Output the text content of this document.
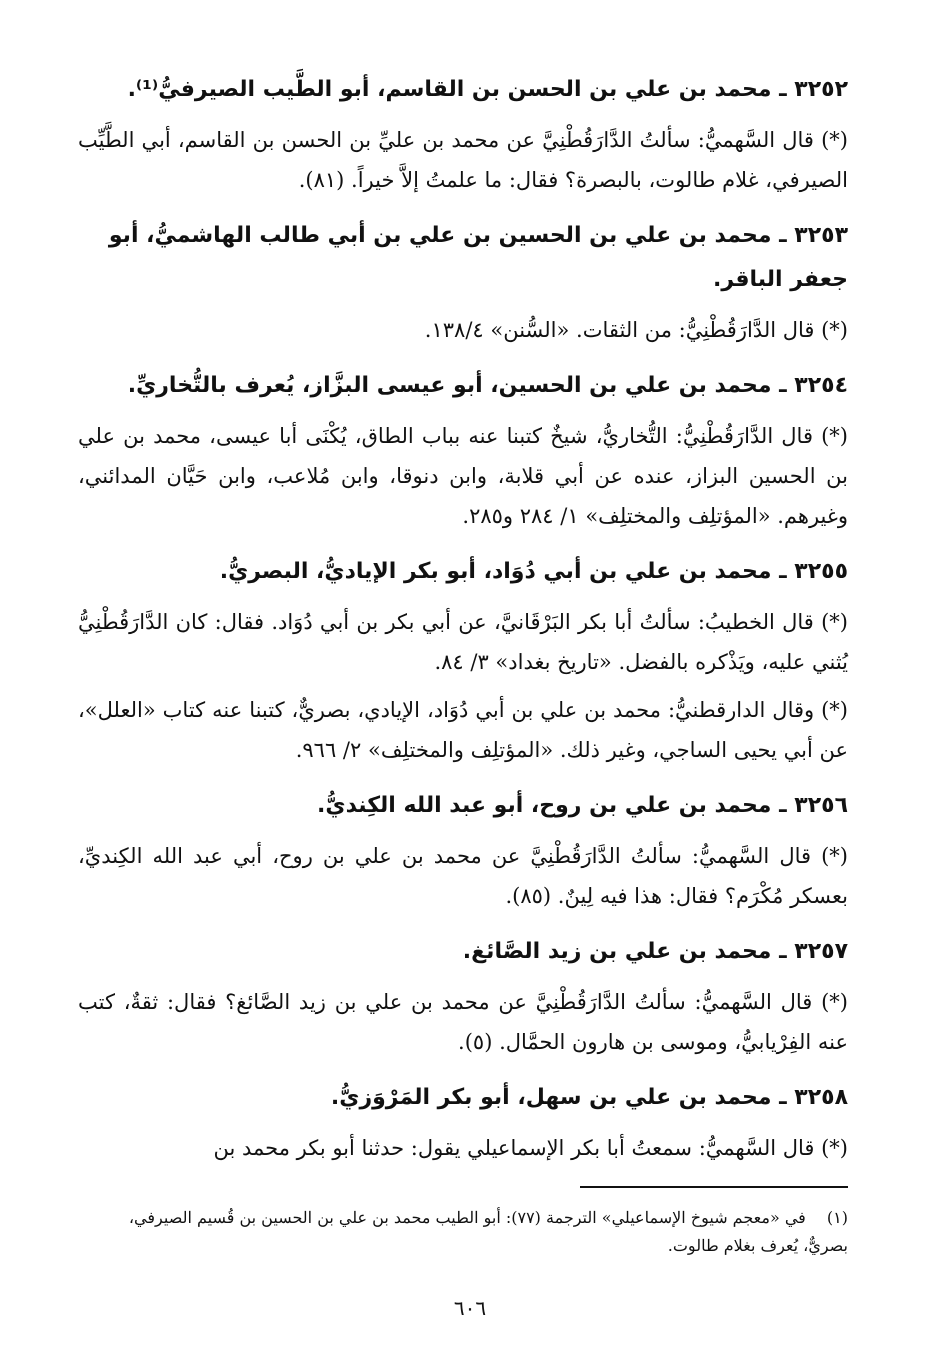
٣٢٥٢ ـ محمد بن علي بن الحسن بن القاسم، أبو الطَّيب الصيرفيُّ⁽¹⁾.

(*) قال السَّهميُّ: سألتُ الدَّارَقُطْنِيَّ عن محمد بن عليِّ بن الحسن بن القاسم، أبي الطَّيِّب الصيرفي، غلام طالوت، بالبصرة؟ فقال: ما علمتُ إلاَّ خيراً. (٨١).

٣٢٥٣ ـ محمد بن علي بن الحسين بن علي بن أبي طالب الهاشميُّ، أبو جعفر الباقر.

(*) قال الدَّارَقُطْنِيُّ: من الثقات. «السُّنن» ١٣٨/٤.

٣٢٥٤ ـ محمد بن علي بن الحسين، أبو عيسى البزَّاز، يُعرف بالتُّخاريِّ.

(*) قال الدَّارَقُطْنِيُّ: التُّخاريُّ، شيخٌ كتبنا عنه بباب الطاق، يُكْنَى أبا عيسى، محمد بن علي بن الحسين البزاز، عنده عن أبي قلابة، وابن دنوقا، وابن مُلاعب، وابن حَيَّان المدائني، وغيرهم. «المؤتلِف والمختلِف» ١/ ٢٨٤ و٢٨٥.

٣٢٥٥ ـ محمد بن علي بن أبي دُوَاد، أبو بكر الإياديُّ، البصريُّ.

(*) قال الخطيبُ: سألتُ أبا بكر البَرْقَانيَّ، عن أبي بكر بن أبي دُوَاد. فقال: كان الدَّارَقُطْنِيُّ يُثني عليه، ويَذْكره بالفضل. «تاريخ بغداد» ٣/ ٨٤.

(*) وقال الدارقطنيُّ: محمد بن علي بن أبي دُوَاد، الإيادي، بصريٌّ، كتبنا عنه كتاب «العلل»، عن أبي يحيى الساجي، وغير ذلك. «المؤتلِف والمختلِف» ٢/ ٩٦٦.

٣٢٥٦ ـ محمد بن علي بن روح، أبو عبد الله الكِنديُّ.

(*) قال السَّهميُّ: سألتُ الدَّارَقُطْنِيَّ عن محمد بن علي بن روح، أبي عبد الله الكِنديِّ، بعسكر مُكْرَم؟ فقال: هذا فيه لِينٌ. (٨٥).

٣٢٥٧ ـ محمد بن علي بن زيد الصَّائغ.

(*) قال السَّهميُّ: سألتُ الدَّارَقُطْنِيَّ عن محمد بن علي بن زيد الصَّائغ؟ فقال: ثقةٌ، كتب عنه الفِرْيابيُّ، وموسى بن هارون الحمَّال. (٥).

٣٢٥٨ ـ محمد بن علي بن سهل، أبو بكر المَرْوَزيُّ.

(*) قال السَّهميُّ: سمعتُ أبا بكر الإسماعيلي يقول: حدثنا أبو بكر محمد بن

(١) في «معجم شيوخ الإسماعيلي» الترجمة (٧٧): أبو الطيب محمد بن علي بن الحسين بن قُسيم الصيرفي، بصريٌّ، يُعرف بغلام طالوت.
٦٠٦
